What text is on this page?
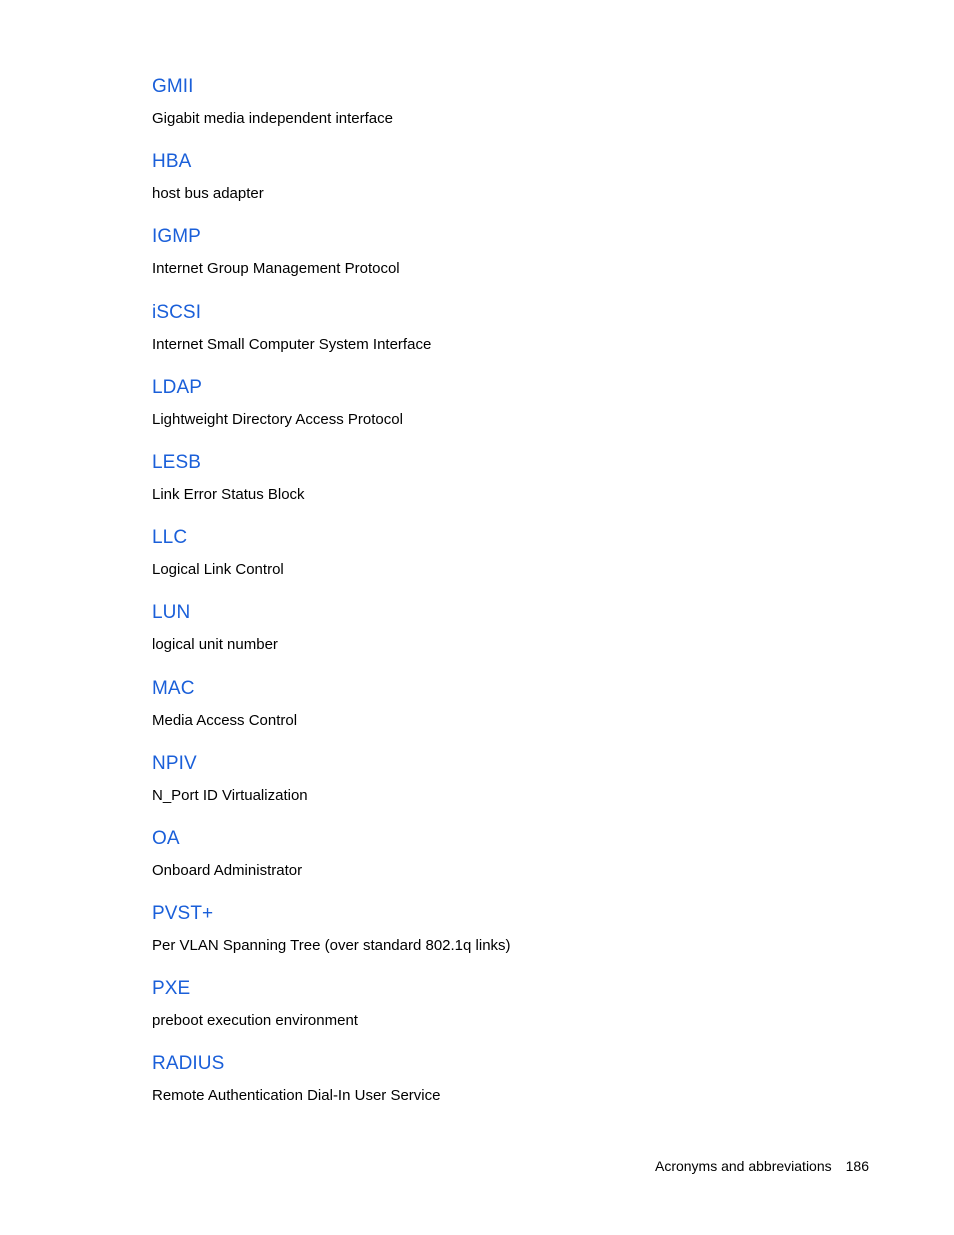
GMII
Gigabit media independent interface
HBA
host bus adapter
IGMP
Internet Group Management Protocol
iSCSI
Internet Small Computer System Interface
LDAP
Lightweight Directory Access Protocol
LESB
Link Error Status Block
LLC
Logical Link Control
LUN
logical unit number
MAC
Media Access Control
NPIV
N_Port ID Virtualization
OA
Onboard Administrator
PVST+
Per VLAN Spanning Tree (over standard 802.1q links)
PXE
preboot execution environment
RADIUS
Remote Authentication Dial-In User Service
Acronyms and abbreviations 186
